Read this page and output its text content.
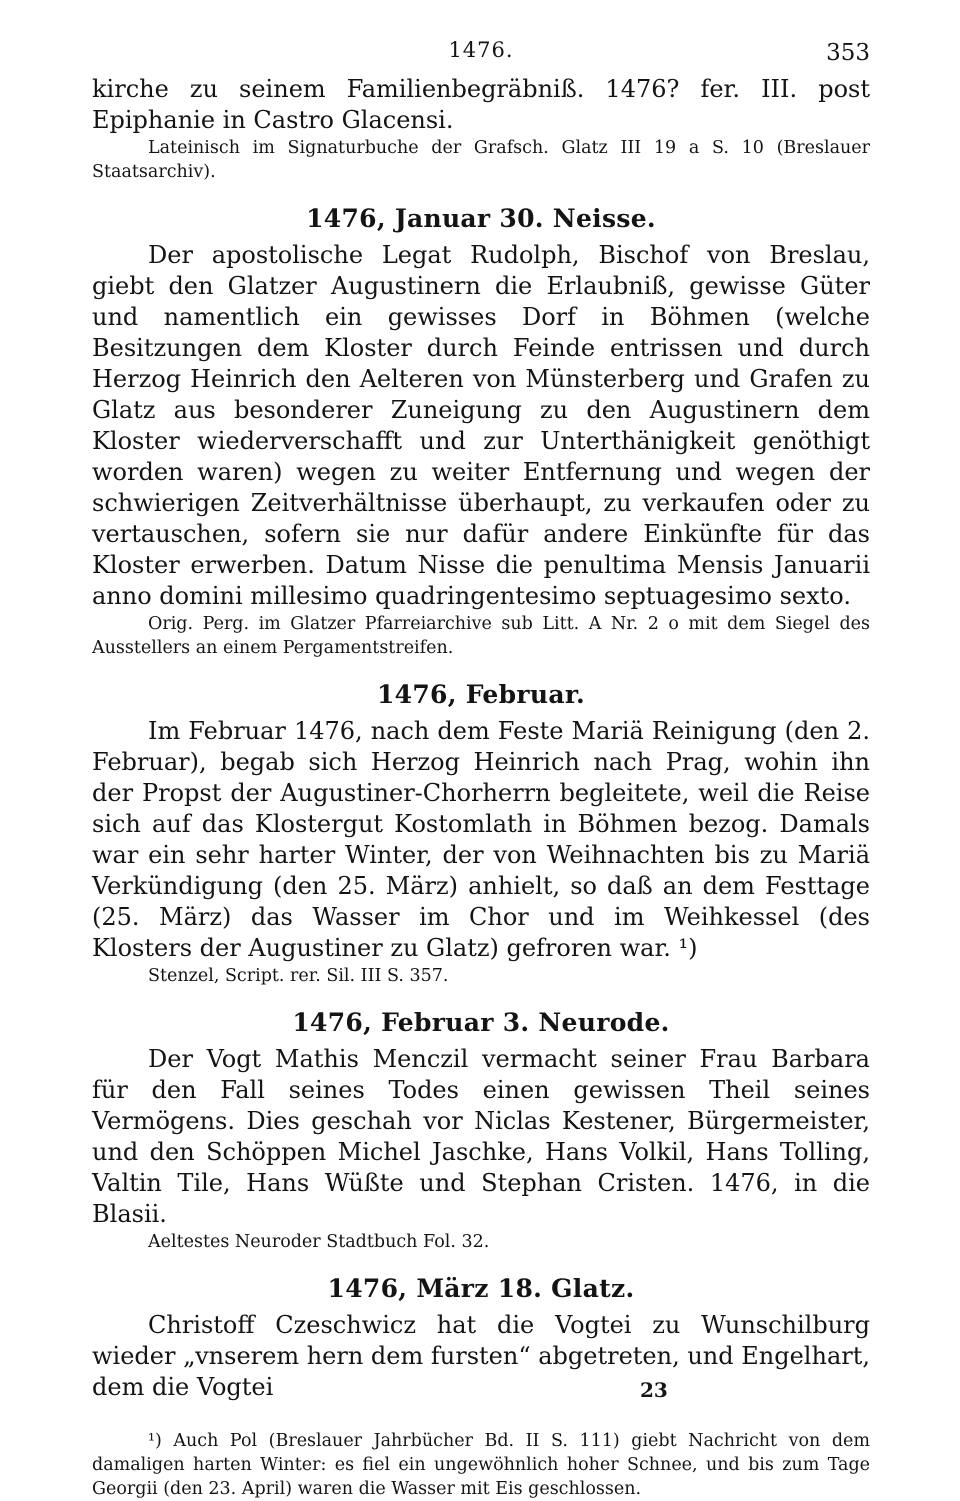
1476.	353

kirche zu seinem Familienbegräbniß. 1476? fer. III. post Epiphanie in Castro Glacensi.

Lateinisch im Signaturbuche der Grafsch. Glatz III 19 a S. 10 (Breslauer Staatsarchiv).

1476, Januar 30. Neisse.

Der apostolische Legat Rudolph, Bischof von Breslau, giebt den Glatzer Augustinern die Erlaubniß, gewisse Güter und namentlich ein gewisses Dorf in Böhmen (welche Besitzungen dem Kloster durch Feinde entrissen und durch Herzog Heinrich den Aelteren von Münsterberg und Grafen zu Glatz aus besonderer Zuneigung zu den Augustinern dem Kloster wiederverschafft und zur Unterthänigkeit genöthigt worden waren) wegen zu weiter Entfernung und wegen der schwierigen Zeitverhältnisse überhaupt, zu verkaufen oder zu vertauschen, sofern sie nur dafür andere Einkünfte für das Kloster erwerben. Datum Nisse die penultima Mensis Januarii anno domini millesimo quadringentesimo septuagesimo sexto.

Orig. Perg. im Glatzer Pfarreiarchive sub Litt. A Nr. 2 o mit dem Siegel des Ausstellers an einem Pergamentstreifen.

1476, Februar.

Im Februar 1476, nach dem Feste Mariä Reinigung (den 2. Februar), begab sich Herzog Heinrich nach Prag, wohin ihn der Propst der Augustiner-Chorherrn begleitete, weil die Reise sich auf das Klostergut Kostomlath in Böhmen bezog. Damals war ein sehr harter Winter, der von Weihnachten bis zu Mariä Verkündigung (den 25. März) anhielt, so daß an dem Festtage (25. März) das Wasser im Chor und im Weihkessel (des Klosters der Augustiner zu Glatz) gefroren war. ¹)

Stenzel, Script. rer. Sil. III S. 357.

1476, Februar 3. Neurode.

Der Vogt Mathis Menczil vermacht seiner Frau Barbara für den Fall seines Todes einen gewissen Theil seines Vermögens. Dies geschah vor Niclas Kestener, Bürgermeister, und den Schöppen Michel Jaschke, Hans Volkil, Hans Tolling, Valtin Tile, Hans Wüßte und Stephan Cristen. 1476, in die Blasii.

Aeltestes Neuroder Stadtbuch Fol. 32.

1476, März 18. Glatz.

Christoff Czeschwicz hat die Vogtei zu Wunschilburg wieder „vnserem hern dem fursten“ abgetreten, und Engelhart, dem die Vogtei

¹) Auch Pol (Breslauer Jahrbücher Bd. II S. 111) giebt Nachricht von dem damaligen harten Winter: es fiel ein ungewöhnlich hoher Schnee, und bis zum Tage Georgii (den 23. April) waren die Wasser mit Eis geschlossen.

23
